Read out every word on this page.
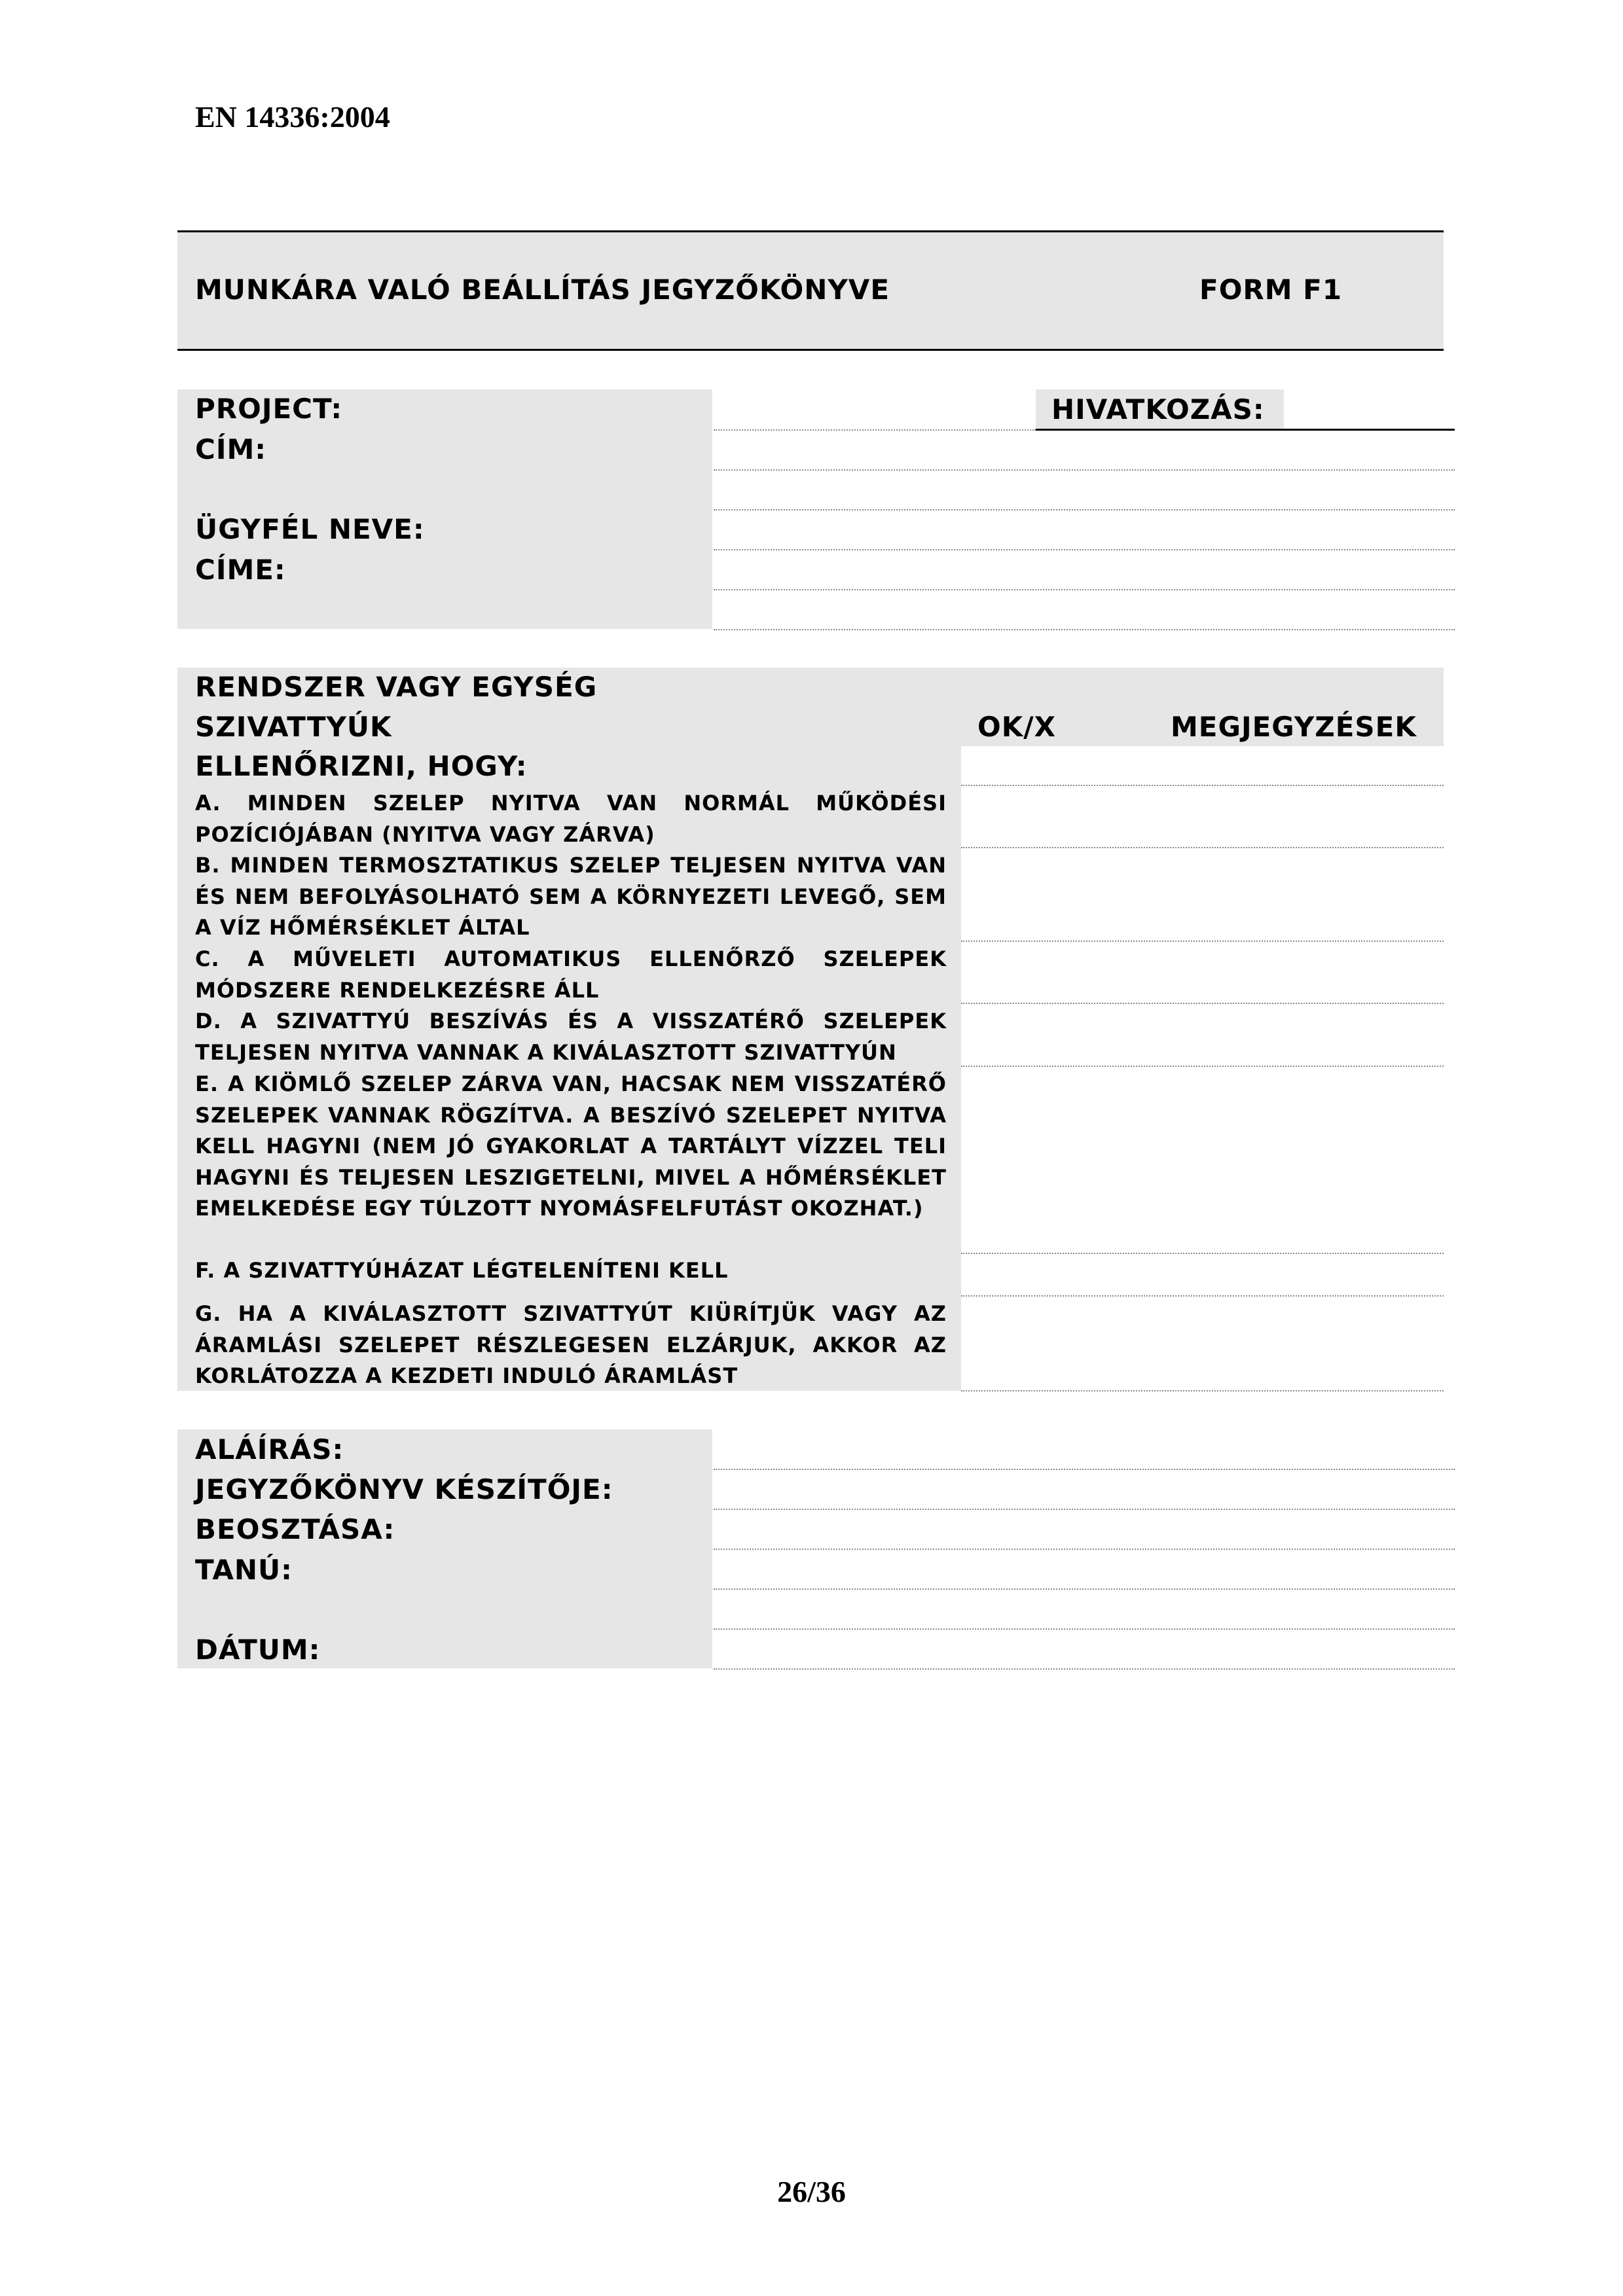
EN 14336:2004
MUNKÁRA VALÓ BEÁLLÍTÁS JEGYZŐKÖNYVE	FORM F1
PROJECT:
CÍM:
ÜGYFÉL NEVE:
CÍME:
HIVATKOZÁS:
RENDSZER VAGY EGYSÉG
SZIVATTYÚK	OK/X	MEGJEGYZÉSEK
ELLENŐRIZNI, HOGY:
A. MINDEN SZELEP NYITVA VAN NORMÁL MŰKÖDÉSI POZÍCIÓJÁBAN (NYITVA VAGY ZÁRVA)
B. MINDEN TERMOSZTATIKUS SZELEP TELJESEN NYITVA VAN ÉS NEM BEFOLYÁSOLHATÓ SEM A KÖRNYEZETI LEVEGŐ, SEM A VÍZ HŐMÉRSÉKLET ÁLTAL
C. A MŰVELETI AUTOMATIKUS ELLENŐRZŐ SZELEPEK MÓDSZERE RENDELKEZÉSRE ÁLL
D. A SZIVATTYÚ BESZÍVÁS ÉS A VISSZATÉRŐ SZELEPEK TELJESEN NYITVA VANNAK A KIVÁLASZTOTT SZIVATTYÚN
E. A KIÖMLŐ SZELEP ZÁRVA VAN, HACSAK NEM VISSZATÉRŐ SZELEPEK VANNAK RÖGZÍTVA. A BESZÍVÓ SZELEPET NYITVA KELL HAGYNI (NEM JÓ GYAKORLAT A TARTÁLYT VÍZZEL TELI HAGYNI ÉS TELJESEN LESZIGETELNI, MIVEL A HŐMÉRSÉKLET EMELKEDÉSE EGY TÚLZOTT NYOMÁSFELFUTÁST OKOZHAT.)
F. A SZIVATTYÚHÁZAT LÉGTELENÍTENI KELL
G. HA A KIVÁLASZTOTT SZIVATTYÚT KIÜRÍTJÜK VAGY AZ ÁRAMLÁSI SZELEPET RÉSZLEGESEN ELZÁRJUK, AKKOR AZ KORLÁTOZZA A KEZDETI INDULÓ ÁRAMLÁST
ALÁÍRÁS:
JEGYZŐKÖNYV KÉSZÍTŐJE:
BEOSZTÁSA:
TANÚ:
DÁTUM:
26/36
